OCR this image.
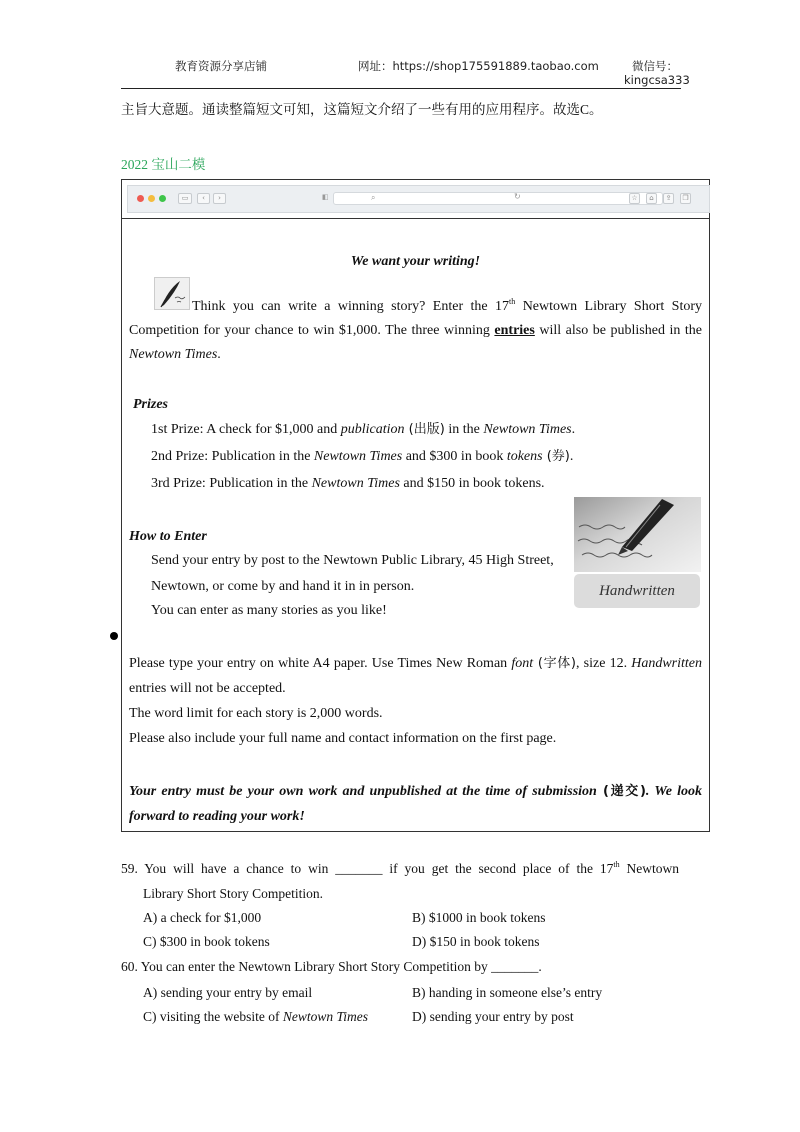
教育资源分享店铺	网址：https://shop175591889.taobao.com	微信号：
kingcsa333
主旨大意题。通读整篇短文可知，这篇短文介绍了一些有用的应用程序。故选C。
2022 宝山二模
▭	‹	›	◧	⌕	↻	☆	⌂	⇪	❐
We want your writing!
Think you can write a winning story? Enter the 17th Newtown Library Short Story
Competition for your chance to win $1,000. The three winning entries will also be published in the
Newtown Times.
Prizes
1st Prize: A check for $1,000 and publication (出版) in the Newtown Times.
2nd Prize: Publication in the Newtown Times and $300 in book tokens (券).
3rd Prize: Publication in the Newtown Times and $150 in book tokens.
Handwritten
How to Enter
Send your entry by post to the Newtown Public Library, 45 High Street,
Newtown, or come by and hand it in in person.
You can enter as many stories as you like!
Please type your entry on white A4 paper. Use Times New Roman font (字体), size 12. Handwritten
entries will not be accepted.
The word limit for each story is 2,000 words.
Please also include your full name and contact information on the first page.
Your entry must be your own work and unpublished at the time of submission (递交). We look
forward to reading your work!
59. You will have a chance to win _______ if you get the second place of the 17th Newtown
Library Short Story Competition.
A) a check for $1,000	B) $1000 in book tokens
C) $300 in book tokens	D) $150 in book tokens
60. You can enter the Newtown Library Short Story Competition by _______.
A) sending your entry by email	B) handing in someone else’s entry
C) visiting the website of Newtown Times	D) sending your entry by post
